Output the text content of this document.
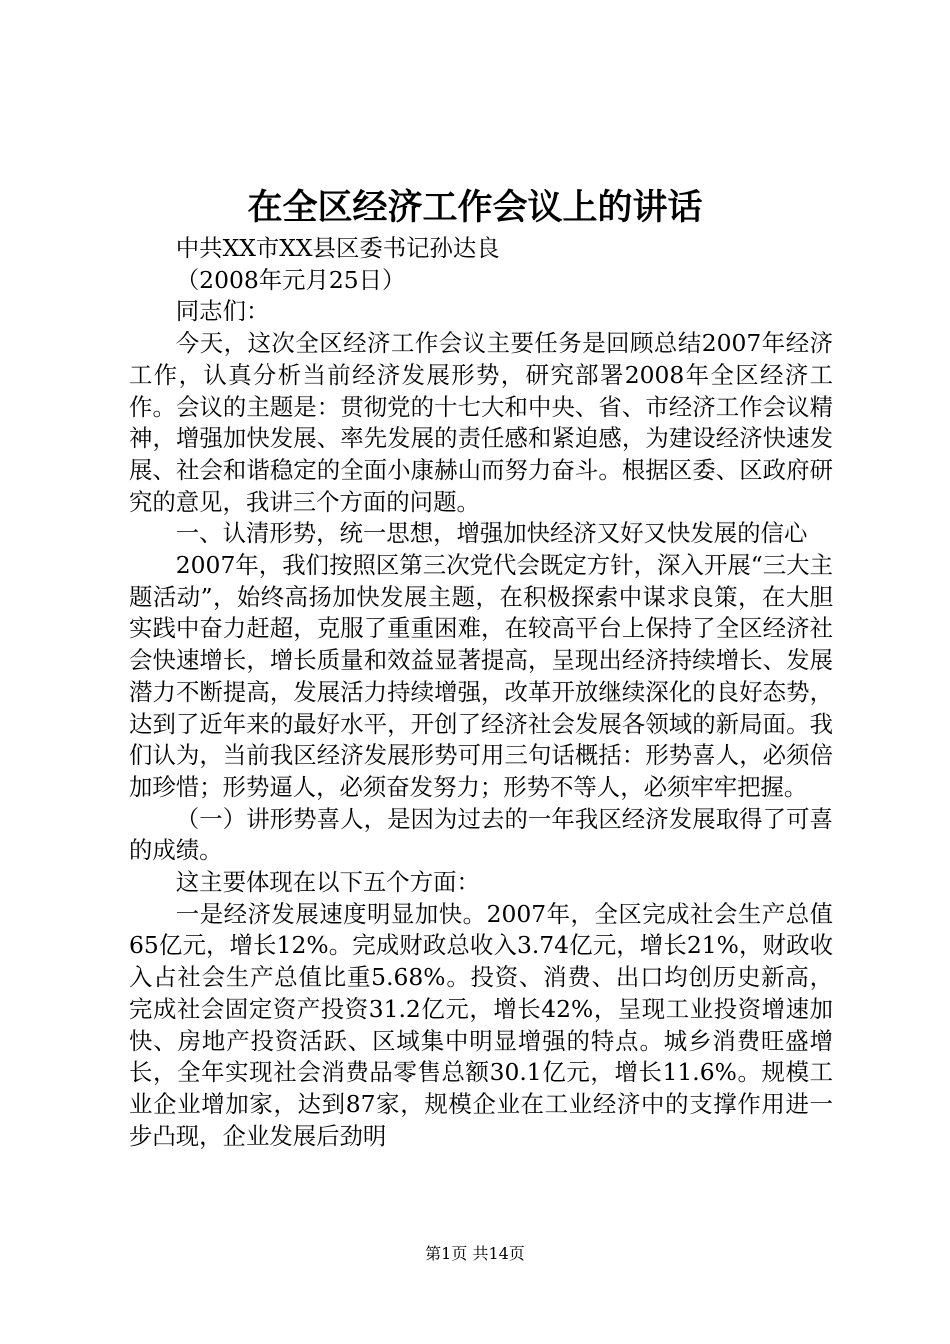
在全区经济工作会议上的讲话

中共XX市XX县区委书记孙达良

（2008年元月25日）

同志们：

今天，这次全区经济工作会议主要任务是回顾总结2007年经济工作，认真分析当前经济发展形势，研究部署2008年全区经济工作。会议的主题是：贯彻党的十七大和中央、省、市经济工作会议精神，增强加快发展、率先发展的责任感和紧迫感，为建设经济快速发展、社会和谐稳定的全面小康赫山而努力奋斗。根据区委、区政府研究的意见，我讲三个方面的问题。

一、认清形势，统一思想，增强加快经济又好又快发展的信心

2007年，我们按照区第三次党代会既定方针，深入开展“三大主题活动”，始终高扬加快发展主题，在积极探索中谋求良策，在大胆实践中奋力赶超，克服了重重困难，在较高平台上保持了全区经济社会快速增长，增长质量和效益显著提高，呈现出经济持续增长、发展潜力不断提高，发展活力持续增强，改革开放继续深化的良好态势，达到了近年来的最好水平，开创了经济社会发展各领域的新局面。我们认为，当前我区经济发展形势可用三句话概括：形势喜人，必须倍加珍惜；形势逼人，必须奋发努力；形势不等人，必须牢牢把握。

（一）讲形势喜人，是因为过去的一年我区经济发展取得了可喜的成绩。

这主要体现在以下五个方面：

一是经济发展速度明显加快。2007年，全区完成社会生产总值65亿元，增长12%。完成财政总收入3.74亿元，增长21%，财政收入占社会生产总值比重5.68%。投资、消费、出口均创历史新高，完成社会固定资产投资31.2亿元，增长42%，呈现工业投资增速加快、房地产投资活跃、区域集中明显增强的特点。城乡消费旺盛增长，全年实现社会消费品零售总额30.1亿元，增长11.6%。规模工业企业增加家，达到87家，规模企业在工业经济中的支撑作用进一步凸现，企业发展后劲明

第1页 共14页
